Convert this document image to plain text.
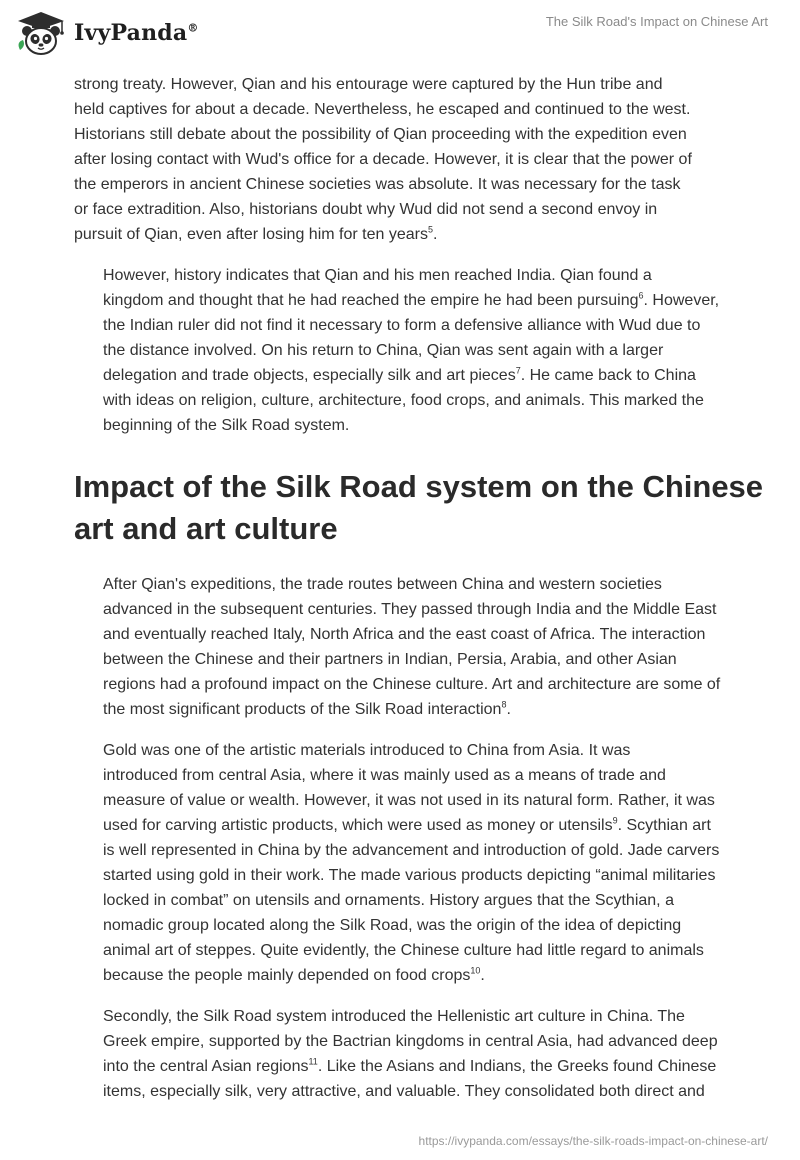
IvyPanda®	The Silk Road's Impact on Chinese Art

strong treaty. However, Qian and his entourage were captured by the Hun tribe and
held captives for about a decade. Nevertheless, he escaped and continued to the west.
Historians still debate about the possibility of Qian proceeding with the expedition even
after losing contact with Wud's office for a decade. However, it is clear that the power of
the emperors in ancient Chinese societies was absolute. It was necessary for the task
or face extradition. Also, historians doubt why Wud did not send a second envoy in
pursuit of Qian, even after losing him for ten years$^5$.

However, history indicates that Qian and his men reached India. Qian found a
kingdom and thought that he had reached the empire he had been pursuing$^6$. However,
the Indian ruler did not find it necessary to form a defensive alliance with Wud due to
the distance involved. On his return to China, Qian was sent again with a larger
delegation and trade objects, especially silk and art pieces$^7$. He came back to China
with ideas on religion, culture, architecture, food crops, and animals. This marked the
beginning of the Silk Road system.

Impact of the Silk Road system on the Chinese
art and art culture

After Qian's expeditions, the trade routes between China and western societies
advanced in the subsequent centuries. They passed through India and the Middle East
and eventually reached Italy, North Africa and the east coast of Africa. The interaction
between the Chinese and their partners in Indian, Persia, Arabia, and other Asian
regions had a profound impact on the Chinese culture. Art and architecture are some of
the most significant products of the Silk Road interaction$^8$.

Gold was one of the artistic materials introduced to China from Asia. It was
introduced from central Asia, where it was mainly used as a means of trade and
measure of value or wealth. However, it was not used in its natural form. Rather, it was
used for carving artistic products, which were used as money or utensils$^9$. Scythian art
is well represented in China by the advancement and introduction of gold. Jade carvers
started using gold in their work. The made various products depicting “animal militaries
locked in combat” on utensils and ornaments. History argues that the Scythian, a
nomadic group located along the Silk Road, was the origin of the idea of depicting
animal art of steppes. Quite evidently, the Chinese culture had little regard to animals
because the people mainly depended on food crops$^{10}$.

Secondly, the Silk Road system introduced the Hellenistic art culture in China. The
Greek empire, supported by the Bactrian kingdoms in central Asia, had advanced deep
into the central Asian regions$^{11}$. Like the Asians and Indians, the Greeks found Chinese
items, especially silk, very attractive, and valuable. They consolidated both direct and

https://ivypanda.com/essays/the-silk-roads-impact-on-chinese-art/
